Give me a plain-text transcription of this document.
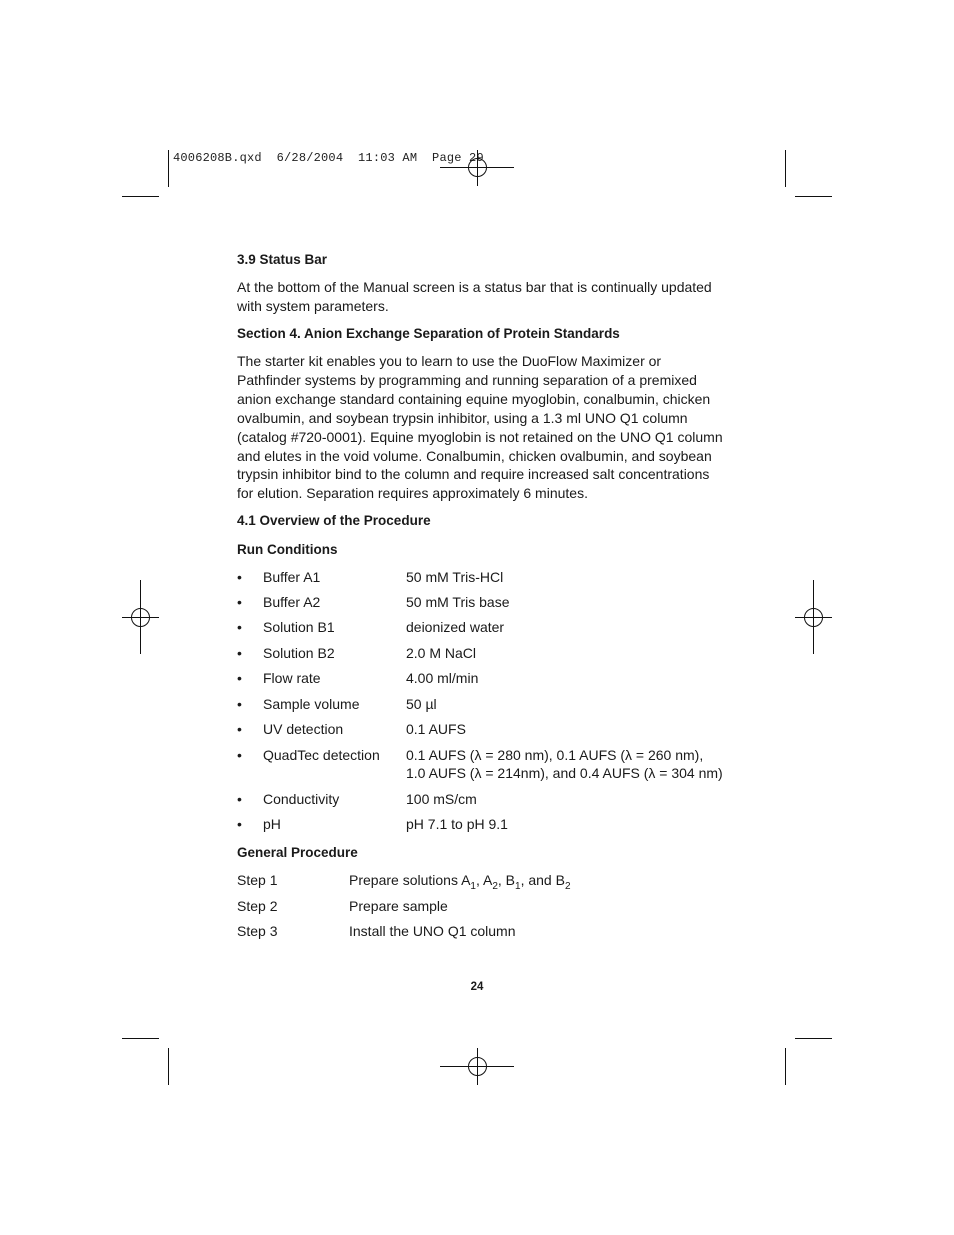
4006208B.qxd  6/28/2004  11:03 AM  Page 29
3.9 Status Bar
At the bottom of the Manual screen is a status bar that is continually updated with system parameters.
Section 4. Anion Exchange Separation of Protein Standards
The starter kit enables you to learn to use the DuoFlow Maximizer or Pathfinder systems by programming and running separation of a premixed anion exchange standard containing equine myoglobin, conalbumin, chicken ovalbumin, and soybean trypsin inhibitor, using a 1.3 ml UNO Q1 column (catalog #720-0001). Equine myoglobin is not retained on the UNO Q1 column and elutes in the void volume. Conalbumin, chicken ovalbumin, and soybean trypsin inhibitor bind to the column and require increased salt concentrations for elution. Separation requires approximately 6 minutes.
4.1 Overview of the Procedure
Run Conditions
• Buffer A1	50 mM Tris-HCl
• Buffer A2	50 mM Tris base
• Solution B1	deionized water
• Solution B2	2.0 M NaCl
• Flow rate	4.00 ml/min
• Sample volume	50 µl
• UV detection	0.1 AUFS
• QuadTec detection 0.1 AUFS (λ = 280 nm), 0.1 AUFS (λ = 260 nm),
1.0 AUFS (λ = 214nm), and 0.4 AUFS (λ = 304 nm)
• Conductivity	100 mS/cm
• pH	pH 7.1 to pH 9.1
General Procedure
Step 1	Prepare solutions $A_1$, $A_2$, $B_1$, and $B_2$
Step 2	Prepare sample
Step 3	Install the UNO Q1 column
24
